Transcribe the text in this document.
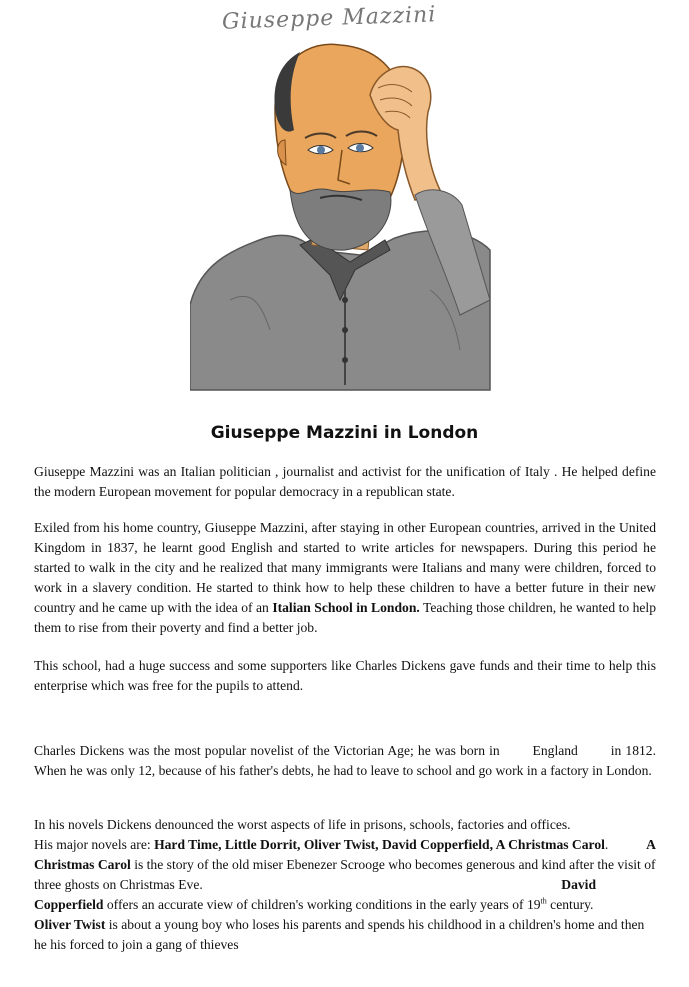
Giuseppe Mazzini
Giuseppe Mazzini in London

Giuseppe Mazzini was an Italian politician , journalist and activist for the unification of Italy . He helped define the modern European movement for popular democracy in a republican state.

Exiled from his home country, Giuseppe Mazzini, after staying in other European countries, arrived in the United Kingdom in 1837, he learnt good English and started to write articles for newspapers. During this period he started to walk in the city and he realized that many immigrants were Italians and many were children, forced to work in a slavery condition. He started to think how to help these children to have a better future in their new country and he came up with the idea of an Italian School in London. Teaching those children, he wanted to help them to rise from their poverty and find a better job.

This school, had a huge success and some supporters like Charles Dickens gave funds and their time to help this enterprise which was free for the pupils to attend.

Charles Dickens was the most popular novelist of the Victorian Age; he was born in        England        in 1812. When he was only 12, because of his father's debts, he had to leave to school and go work in a factory in London.

In his novels Dickens denounced the worst aspects of life in prisons, schools, factories and offices.

His major novels are: Hard Time, Little Dorrit, Oliver Twist, David Copperfield, A Christmas Carol.	A

Christmas Carol is the story of the old miser Ebenezer Scrooge who becomes generous and kind after the visit of three ghosts on Christmas Eve.	David

Copperfield offers an accurate view of children's working conditions in the early years of 19th century.

Oliver Twist is about a young boy who loses his parents and spends his childhood in a children's home and then he his forced to join a gang of thieves
